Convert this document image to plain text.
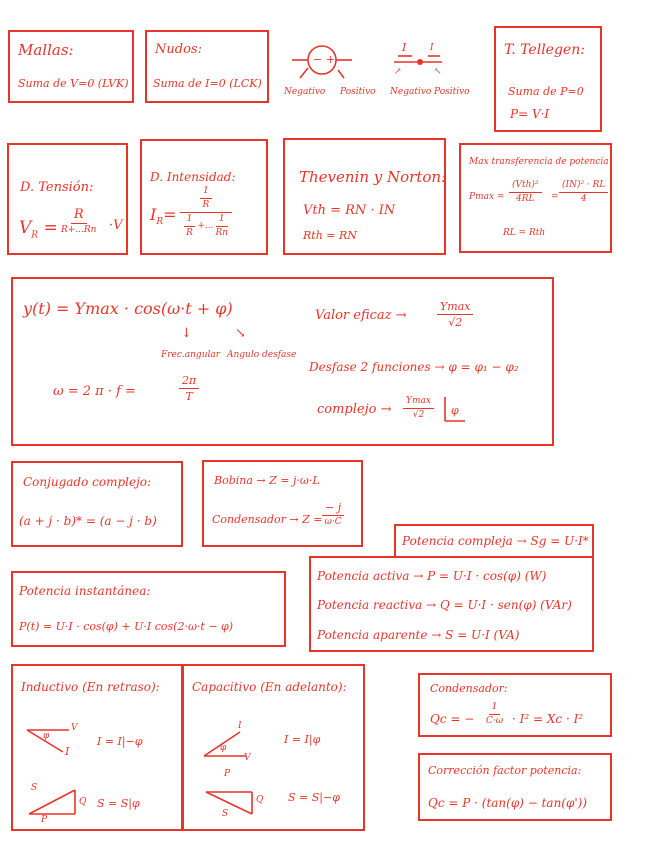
Mallas:
Suma de V=0 (LVK)
Nudos:
Suma de I=0 (LCK)
− +
Negativo Positivo
I	I
↗	↖
Negativo Positivo
T. Tellegen:
Suma de P=0
P= V·I
D. Tensión:
$V_R$ =
R
R+...Rn ·V
D. Intensidad:
$I_R= 1$
R
$\frac{1}{R}$ +... $\frac{1}{Rn}$
Thevenin y Norton:
Vth = RN · IN
Rth = RN
Max transferencia de potencia
Pmax =
(Vth)²
$4RL = \frac{\text{(IN)² · RL}}{4}$
RL = Rth
y(t) = Ymax · cos(ω·t + φ)
↓	↘
Frec.angular Angulo desfase
ω = 2 π · f =	$\frac{2\pi}{T}$
Valor eficaz →
Ymax
√2
Desfase 2 funciones → φ = φ₁ − φ₂
complejo →
Ymax
√2 φ
Conjugado complejo:
(a + j · b)* = (a − j · b)
Bobina → Z = j·ω·L
Condensador → Z =
− j
ω·C
Potencia compleja → Sg = U·I*
Potencia activa → P = U·I · cos(φ) (W)
Potencia reactiva → Q = U·I · sen(φ) (VAr)
Potencia aparente → S = U·I (VA)
Potencia instantánea:
P(t) = U·I · cos(φ) + U·I cos(2·ω·t − φ)
Inductivo (En retraso):
V
φ
I
I = I|−φ
S
P
Q S = S|φ
Capacitivo (En adelanto):
I
φ
V
I = I|φ
P
S
Q S = S|−φ
Condensador:
Qc = − $\frac{1}{C\cdot\omega} \cdot I^2 = Xc \cdot I^2$
Corrección factor potencia:
Qc = P · (tan(φ) − tan(φ'))
